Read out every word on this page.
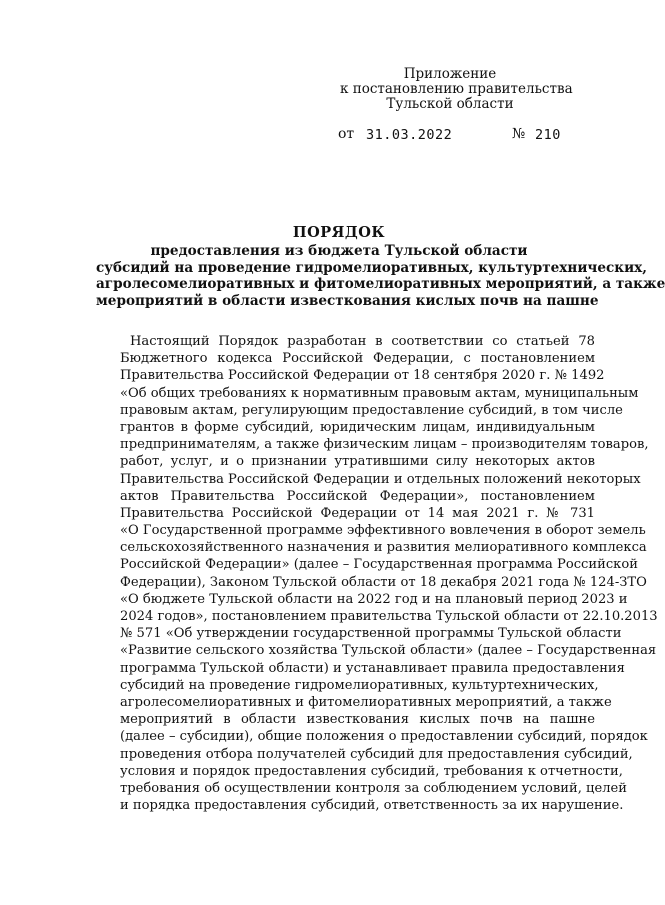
Приложение
к постановлению правительства
Тульской области
от 31.03.2022	№ 210
ПОРЯДОК
предоставления из бюджета Тульской области
субсидий на проведение гидромелиоративных, культуртехнических,
агролесомелиоративных и фитомелиоративных мероприятий, а также
мероприятий в области известкования кислых почв на пашне
Настоящий Порядок разработан в соответствии со статьей 78
Бюджетного кодекса Российской Федерации, с постановлением
Правительства Российской Федерации от 18 сентября 2020 г. № 1492
«Об общих требованиях к нормативным правовым актам, муниципальным
правовым актам, регулирующим предоставление субсидий, в том числе
грантов в форме субсидий, юридическим лицам, индивидуальным
предпринимателям, а также физическим лицам – производителям товаров,
работ, услуг, и о признании утратившими силу некоторых актов
Правительства Российской Федерации и отдельных положений некоторых
актов Правительства Российской Федерации», постановлением
Правительства Российской Федерации от 14 мая 2021 г. № 731
«О Государственной программе эффективного вовлечения в оборот земель
сельскохозяйственного назначения и развития мелиоративного комплекса
Российской Федерации» (далее – Государственная программа Российской
Федерации), Законом Тульской области от 18 декабря 2021 года № 124-ЗТО
«О бюджете Тульской области на 2022 год и на плановый период 2023 и
2024 годов», постановлением правительства Тульской области от 22.10.2013
№ 571 «Об утверждении государственной программы Тульской области
«Развитие сельского хозяйства Тульской области» (далее – Государственная
программа Тульской области) и устанавливает правила предоставления
субсидий на проведение гидромелиоративных, культуртехнических,
агролесомелиоративных и фитомелиоративных мероприятий, а также
мероприятий в области известкования кислых почв на пашне
(далее – субсидии), общие положения о предоставлении субсидий, порядок
проведения отбора получателей субсидий для предоставления субсидий,
условия и порядок предоставления субсидий, требования к отчетности,
требования об осуществлении контроля за соблюдением условий, целей
и порядка предоставления субсидий, ответственность за их нарушение.
